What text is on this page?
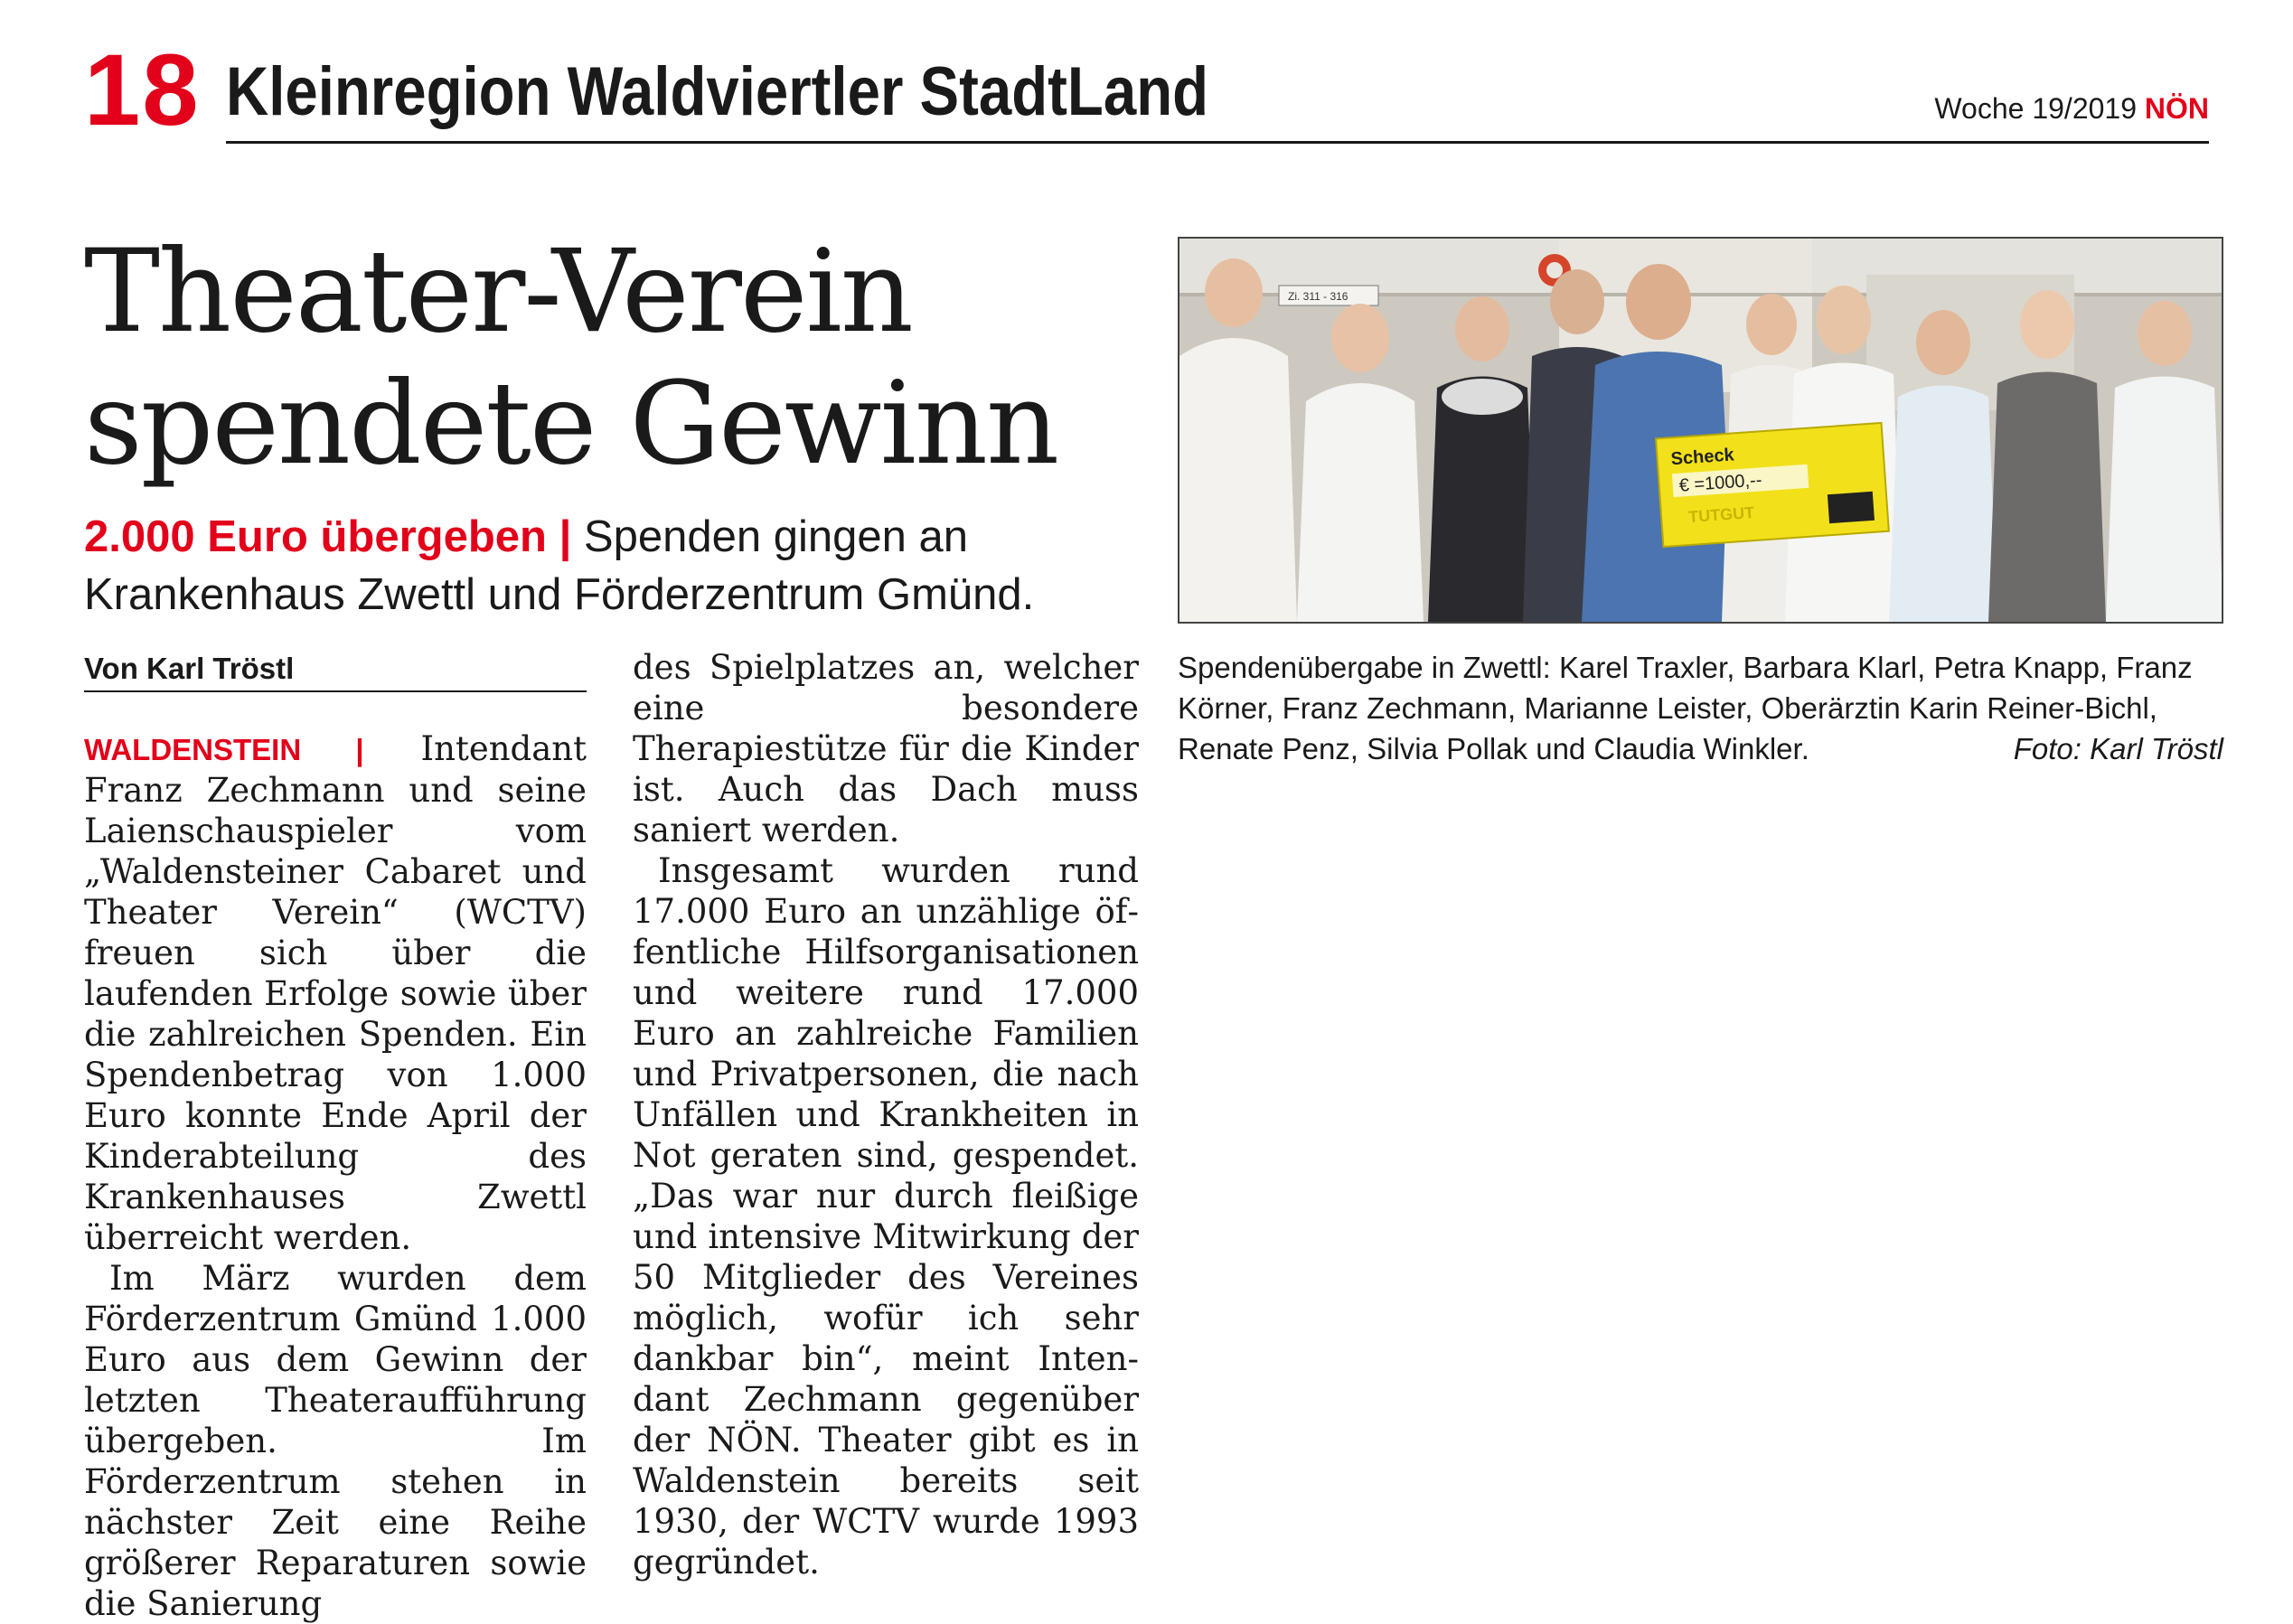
18 Kleinregion Waldviertler StadtLand	Woche 19/2019 NÖN
Theater-Verein
spendete Gewinn
2.000 Euro übergeben | Spenden gingen an
Krankenhaus Zwettl und Förderzentrum Gmünd.
Von Karl Tröstl

WALDENSTEIN | Intendant Franz Zechmann und seine Laienschauspieler vom „Waldensteiner Cabaret und Theater Verein“ (WCTV) freuen sich über die laufenden Erfolge sowie über die zahlreichen Spenden. Ein Spendenbetrag von 1.000 Euro konnte Ende April der Kinderabteilung des Krankenhauses Zwettl überreicht werden.

Im März wurden dem Förderzentrum Gmünd 1.000 Euro aus dem Gewinn der letzten Theateraufführung übergeben. Im Förderzentrum stehen in nächster Zeit eine Reihe größerer Reparaturen sowie die Sanierung

des Spielplatzes an, welcher eine besondere Therapiestütze für die Kinder ist. Auch das Dach muss saniert werden.

Insgesamt wurden rund 17.000 Euro an unzählige öffentliche Hilfsorganisationen und weitere rund 17.000 Euro an zahlreiche Familien und Privatpersonen, die nach Unfällen und Krankheiten in Not geraten sind, gespendet. „Das war nur durch fleißige und intensive Mitwirkung der 50 Mitglieder des Vereines möglich, wofür ich sehr dankbar bin“, meint Intendant Zechmann gegenüber der NÖN. Theater gibt es in Waldenstein bereits seit 1930, der WCTV wurde 1993 gegründet.

Zi. 311 - 316
Scheck
€ =1000,--
TUTGUT
Spendenübergabe in Zwettl: Karel Traxler, Barbara Klarl, Petra Knapp, Franz Körner, Franz Zechmann, Marianne Leister, Oberärztin Karin Reiner-Bichl, Renate Penz, Silvia Pollak und Claudia Winkler.	Foto: Karl Tröstl
